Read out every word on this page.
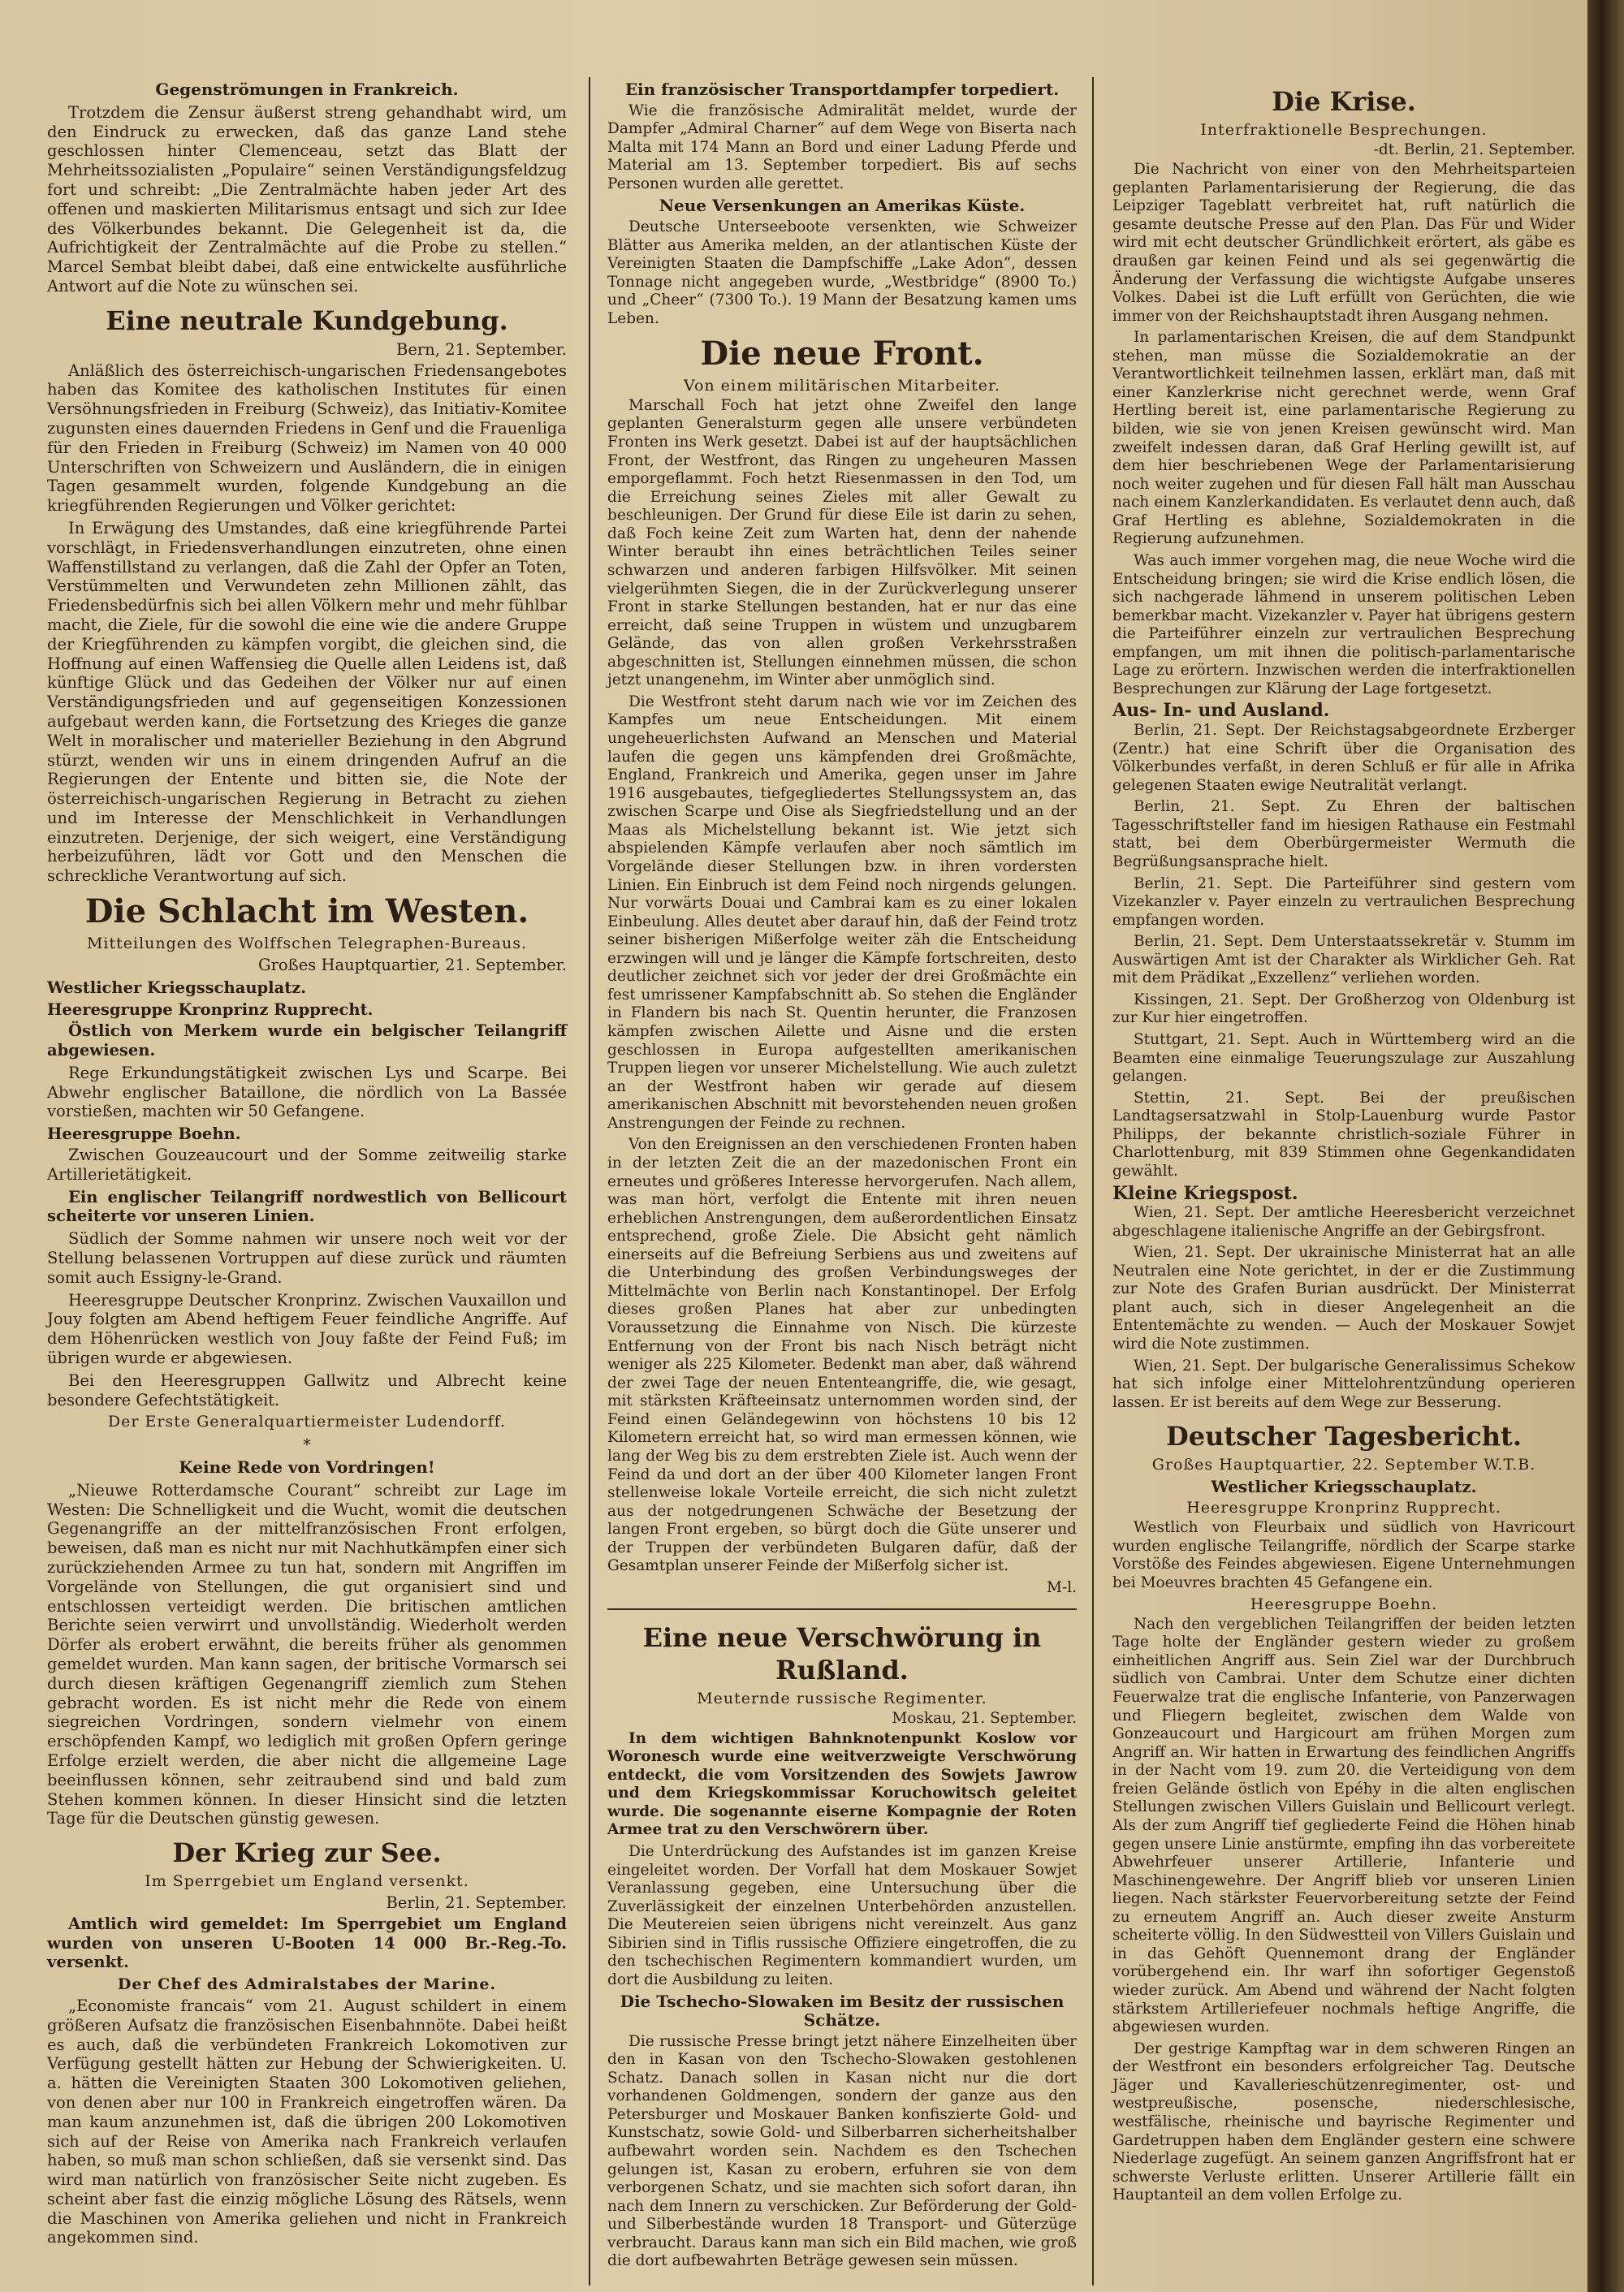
Gegenströmungen in Frankreich.

Trotzdem die Zensur äußerst streng gehandhabt wird, um den Eindruck zu erwecken, daß das ganze Land stehe geschlossen hinter Clemenceau, setzt das Blatt der Mehrheitssozialisten „Populaire“ seinen Verständigungsfeldzug fort und schreibt: „Die Zentralmächte haben jeder Art des offenen und maskierten Militarismus entsagt und sich zur Idee des Völkerbundes bekannt. Die Gelegenheit ist da, die Aufrichtigkeit der Zentralmächte auf die Probe zu stellen.“ Marcel Sembat bleibt dabei, daß eine entwickelte ausführliche Antwort auf die Note zu wünschen sei.

Eine neutrale Kundgebung.
Bern, 21. September.

Anläßlich des österreichisch-ungarischen Friedensangebotes haben das Komitee des katholischen Institutes für einen Versöhnungsfrieden in Freiburg (Schweiz), das Initiativ-Komitee zugunsten eines dauernden Friedens in Genf und die Frauenliga für den Frieden in Freiburg (Schweiz) im Namen von 40 000 Unterschriften von Schweizern und Ausländern, die in einigen Tagen gesammelt wurden, folgende Kundgebung an die kriegführenden Regierungen und Völker gerichtet:

In Erwägung des Umstandes, daß eine kriegführende Partei vorschlägt, in Friedensverhandlungen einzutreten, ohne einen Waffenstillstand zu verlangen, daß die Zahl der Opfer an Toten, Verstümmelten und Verwundeten zehn Millionen zählt, das Friedensbedürfnis sich bei allen Völkern mehr und mehr fühlbar macht, die Ziele, für die sowohl die eine wie die andere Gruppe der Kriegführenden zu kämpfen vorgibt, die gleichen sind, die Hoffnung auf einen Waffensieg die Quelle allen Leidens ist, daß künftige Glück und das Gedeihen der Völker nur auf einen Verständigungsfrieden und auf gegenseitigen Konzessionen aufgebaut werden kann, die Fortsetzung des Krieges die ganze Welt in moralischer und materieller Beziehung in den Abgrund stürzt, wenden wir uns in einem dringenden Aufruf an die Regierungen der Entente und bitten sie, die Note der österreichisch-ungarischen Regierung in Betracht zu ziehen und im Interesse der Menschlichkeit in Verhandlungen einzutreten. Derjenige, der sich weigert, eine Verständigung herbeizuführen, lädt vor Gott und den Menschen die schreckliche Verantwortung auf sich.

Die Schlacht im Westen.
Mitteilungen des Wolffschen Telegraphen-Bureaus.
Großes Hauptquartier, 21. September.
Westlicher Kriegsschauplatz.
Heeresgruppe Kronprinz Rupprecht.

Östlich von Merkem wurde ein belgischer Teilangriff abgewiesen.

Rege Erkundungstätigkeit zwischen Lys und Scarpe. Bei Abwehr englischer Bataillone, die nördlich von La Bassée vorstießen, machten wir 50 Gefangene.

Heeresgruppe Boehn.

Zwischen Gouzeaucourt und der Somme zeitweilig starke Artillerietätigkeit.

Ein englischer Teilangriff nordwestlich von Bellicourt scheiterte vor unseren Linien.

Südlich der Somme nahmen wir unsere noch weit vor der Stellung belassenen Vortruppen auf diese zurück und räumten somit auch Essigny-le-Grand.

Heeresgruppe Deutscher Kronprinz. Zwischen Vauxaillon und Jouy folgten am Abend heftigem Feuer feindliche Angriffe. Auf dem Höhenrücken westlich von Jouy faßte der Feind Fuß; im übrigen wurde er abgewiesen.

Bei den Heeresgruppen Gallwitz und Albrecht keine besondere Gefechtstätigkeit.

Der Erste Generalquartiermeister Ludendorff.
*
Keine Rede von Vordringen!

„Nieuwe Rotterdamsche Courant“ schreibt zur Lage im Westen: Die Schnelligkeit und die Wucht, womit die deutschen Gegenangriffe an der mittelfranzösischen Front erfolgen, beweisen, daß man es nicht nur mit Nachhutkämpfen einer sich zurückziehenden Armee zu tun hat, sondern mit Angriffen im Vorgelände von Stellungen, die gut organisiert sind und entschlossen verteidigt werden. Die britischen amtlichen Berichte seien verwirrt und unvollständig. Wiederholt werden Dörfer als erobert erwähnt, die bereits früher als genommen gemeldet wurden. Man kann sagen, der britische Vormarsch sei durch diesen kräftigen Gegenangriff ziemlich zum Stehen gebracht worden. Es ist nicht mehr die Rede von einem siegreichen Vordringen, sondern vielmehr von einem erschöpfenden Kampf, wo lediglich mit großen Opfern geringe Erfolge erzielt werden, die aber nicht die allgemeine Lage beeinflussen können, sehr zeitraubend sind und bald zum Stehen kommen können. In dieser Hinsicht sind die letzten Tage für die Deutschen günstig gewesen.

Der Krieg zur See.
Im Sperrgebiet um England versenkt.
Berlin, 21. September.

Amtlich wird gemeldet: Im Sperrgebiet um England wurden von unseren U-Booten 14 000 Br.-Reg.-To. versenkt.

Der Chef des Admiralstabes der Marine.

„Economiste francais“ vom 21. August schildert in einem größeren Aufsatz die französischen Eisenbahnnöte. Dabei heißt es auch, daß die verbündeten Frankreich Lokomotiven zur Verfügung gestellt hätten zur Hebung der Schwierigkeiten. U. a. hätten die Vereinigten Staaten 300 Lokomotiven geliehen, von denen aber nur 100 in Frankreich eingetroffen wären. Da man kaum anzunehmen ist, daß die übrigen 200 Lokomotiven sich auf der Reise von Amerika nach Frankreich verlaufen haben, so muß man schon schließen, daß sie versenkt sind. Das wird man natürlich von französischer Seite nicht zugeben. Es scheint aber fast die einzig mögliche Lösung des Rätsels, wenn die Maschinen von Amerika geliehen und nicht in Frankreich angekommen sind.

Ein französischer Transportdampfer torpediert.

Wie die französische Admiralität meldet, wurde der Dampfer „Admiral Charner“ auf dem Wege von Biserta nach Malta mit 174 Mann an Bord und einer Ladung Pferde und Material am 13. September torpediert. Bis auf sechs Personen wurden alle gerettet.

Neue Versenkungen an Amerikas Küste.

Deutsche Unterseeboote versenkten, wie Schweizer Blätter aus Amerika melden, an der atlantischen Küste der Vereinigten Staaten die Dampfschiffe „Lake Adon“, dessen Tonnage nicht angegeben wurde, „Westbridge“ (8900 To.) und „Cheer“ (7300 To.). 19 Mann der Besatzung kamen ums Leben.

Die neue Front.
Von einem militärischen Mitarbeiter.

Marschall Foch hat jetzt ohne Zweifel den lange geplanten Generalsturm gegen alle unsere verbündeten Fronten ins Werk gesetzt. Dabei ist auf der hauptsächlichen Front, der Westfront, das Ringen zu ungeheuren Massen emporgeflammt. Foch hetzt Riesenmassen in den Tod, um die Erreichung seines Zieles mit aller Gewalt zu beschleunigen. Der Grund für diese Eile ist darin zu sehen, daß Foch keine Zeit zum Warten hat, denn der nahende Winter beraubt ihn eines beträchtlichen Teiles seiner schwarzen und anderen farbigen Hilfsvölker. Mit seinen vielgerühmten Siegen, die in der Zurückverlegung unserer Front in starke Stellungen bestanden, hat er nur das eine erreicht, daß seine Truppen in wüstem und unzugbarem Gelände, das von allen großen Verkehrsstraßen abgeschnitten ist, Stellungen einnehmen müssen, die schon jetzt unangenehm, im Winter aber unmöglich sind.

Die Westfront steht darum nach wie vor im Zeichen des Kampfes um neue Entscheidungen. Mit einem ungeheuerlichsten Aufwand an Menschen und Material laufen die gegen uns kämpfenden drei Großmächte, England, Frankreich und Amerika, gegen unser im Jahre 1916 ausgebautes, tiefgegliedertes Stellungssystem an, das zwischen Scarpe und Oise als Siegfriedstellung und an der Maas als Michelstellung bekannt ist. Wie jetzt sich abspielenden Kämpfe verlaufen aber noch sämtlich im Vorgelände dieser Stellungen bzw. in ihren vordersten Linien. Ein Einbruch ist dem Feind noch nirgends gelungen. Nur vorwärts Douai und Cambrai kam es zu einer lokalen Einbeulung. Alles deutet aber darauf hin, daß der Feind trotz seiner bisherigen Mißerfolge weiter zäh die Entscheidung erzwingen will und je länger die Kämpfe fortschreiten, desto deutlicher zeichnet sich vor jeder der drei Großmächte ein fest umrissener Kampfabschnitt ab. So stehen die Engländer in Flandern bis nach St. Quentin herunter, die Franzosen kämpfen zwischen Ailette und Aisne und die ersten geschlossen in Europa aufgestellten amerikanischen Truppen liegen vor unserer Michelstellung. Wie auch zuletzt an der Westfront haben wir gerade auf diesem amerikanischen Abschnitt mit bevorstehenden neuen großen Anstrengungen der Feinde zu rechnen.

Von den Ereignissen an den verschiedenen Fronten haben in der letzten Zeit die an der mazedonischen Front ein erneutes und größeres Interesse hervorgerufen. Nach allem, was man hört, verfolgt die Entente mit ihren neuen erheblichen Anstrengungen, dem außerordentlichen Einsatz entsprechend, große Ziele. Die Absicht geht nämlich einerseits auf die Befreiung Serbiens aus und zweitens auf die Unterbindung des großen Verbindungsweges der Mittelmächte von Berlin nach Konstantinopel. Der Erfolg dieses großen Planes hat aber zur unbedingten Voraussetzung die Einnahme von Nisch. Die kürzeste Entfernung von der Front bis nach Nisch beträgt nicht weniger als 225 Kilometer. Bedenkt man aber, daß während der zwei Tage der neuen Ententeangriffe, die, wie gesagt, mit stärksten Kräfteeinsatz unternommen worden sind, der Feind einen Geländegewinn von höchstens 10 bis 12 Kilometern erreicht hat, so wird man ermessen können, wie lang der Weg bis zu dem erstrebten Ziele ist. Auch wenn der Feind da und dort an der über 400 Kilometer langen Front stellenweise lokale Vorteile erreicht, die sich nicht zuletzt aus der notgedrungenen Schwäche der Besetzung der langen Front ergeben, so bürgt doch die Güte unserer und der Truppen der verbündeten Bulgaren dafür, daß der Gesamtplan unserer Feinde der Mißerfolg sicher ist.

M-l.
Eine neue Verschwörung in Rußland.
Meuternde russische Regimenter.
Moskau, 21. September.

In dem wichtigen Bahnknotenpunkt Koslow vor Woronesch wurde eine weitverzweigte Verschwörung entdeckt, die vom Vorsitzenden des Sowjets Jawrow und dem Kriegskommissar Koruchowitsch geleitet wurde. Die sogenannte eiserne Kompagnie der Roten Armee trat zu den Verschwörern über.

Die Unterdrückung des Aufstandes ist im ganzen Kreise eingeleitet worden. Der Vorfall hat dem Moskauer Sowjet Veranlassung gegeben, eine Untersuchung über die Zuverlässigkeit der einzelnen Unterbehörden anzustellen. Die Meutereien seien übrigens nicht vereinzelt. Aus ganz Sibirien sind in Tiflis russische Offiziere eingetroffen, die zu den tschechischen Regimentern kommandiert wurden, um dort die Ausbildung zu leiten.

Die Tschecho-Slowaken im Besitz der russischen Schätze.

Die russische Presse bringt jetzt nähere Einzelheiten über den in Kasan von den Tschecho-Slowaken gestohlenen Schatz. Danach sollen in Kasan nicht nur die dort vorhandenen Goldmengen, sondern der ganze aus den Petersburger und Moskauer Banken konfiszierte Gold- und Kunstschatz, sowie Gold- und Silberbarren sicherheitshalber aufbewahrt worden sein. Nachdem es den Tschechen gelungen ist, Kasan zu erobern, erfuhren sie von dem verborgenen Schatz, und sie machten sich sofort daran, ihn nach dem Innern zu verschicken. Zur Beförderung der Gold- und Silberbestände wurden 18 Transport- und Güterzüge verbraucht. Daraus kann man sich ein Bild machen, wie groß die dort aufbewahrten Beträge gewesen sein müssen.

Die Krise.
Interfraktionelle Besprechungen.
-dt. Berlin, 21. September.

Die Nachricht von einer von den Mehrheitsparteien geplanten Parlamentarisierung der Regierung, die das Leipziger Tageblatt verbreitet hat, ruft natürlich die gesamte deutsche Presse auf den Plan. Das Für und Wider wird mit echt deutscher Gründlichkeit erörtert, als gäbe es draußen gar keinen Feind und als sei gegenwärtig die Änderung der Verfassung die wichtigste Aufgabe unseres Volkes. Dabei ist die Luft erfüllt von Gerüchten, die wie immer von der Reichshauptstadt ihren Ausgang nehmen.

In parlamentarischen Kreisen, die auf dem Standpunkt stehen, man müsse die Sozialdemokratie an der Verantwortlichkeit teilnehmen lassen, erklärt man, daß mit einer Kanzlerkrise nicht gerechnet werde, wenn Graf Hertling bereit ist, eine parlamentarische Regierung zu bilden, wie sie von jenen Kreisen gewünscht wird. Man zweifelt indessen daran, daß Graf Herling gewillt ist, auf dem hier beschriebenen Wege der Parlamentarisierung noch weiter zugehen und für diesen Fall hält man Ausschau nach einem Kanzlerkandidaten. Es verlautet denn auch, daß Graf Hertling es ablehne, Sozialdemokraten in die Regierung aufzunehmen.

Was auch immer vorgehen mag, die neue Woche wird die Entscheidung bringen; sie wird die Krise endlich lösen, die sich nachgerade lähmend in unserem politischen Leben bemerkbar macht. Vizekanzler v. Payer hat übrigens gestern die Parteiführer einzeln zur vertraulichen Besprechung empfangen, um mit ihnen die politisch-parlamentarische Lage zu erörtern. Inzwischen werden die interfraktionellen Besprechungen zur Klärung der Lage fortgesetzt.

Aus- In- und Ausland.

Berlin, 21. Sept. Der Reichstagsabgeordnete Erzberger (Zentr.) hat eine Schrift über die Organisation des Völkerbundes verfaßt, in deren Schluß er für alle in Afrika gelegenen Staaten ewige Neutralität verlangt.

Berlin, 21. Sept. Zu Ehren der baltischen Tagesschriftsteller fand im hiesigen Rathause ein Festmahl statt, bei dem Oberbürgermeister Wermuth die Begrüßungsansprache hielt.

Berlin, 21. Sept. Die Parteiführer sind gestern vom Vizekanzler v. Payer einzeln zu vertraulichen Besprechung empfangen worden.

Berlin, 21. Sept. Dem Unterstaatssekretär v. Stumm im Auswärtigen Amt ist der Charakter als Wirklicher Geh. Rat mit dem Prädikat „Exzellenz“ verliehen worden.

Kissingen, 21. Sept. Der Großherzog von Oldenburg ist zur Kur hier eingetroffen.

Stuttgart, 21. Sept. Auch in Württemberg wird an die Beamten eine einmalige Teuerungszulage zur Auszahlung gelangen.

Stettin, 21. Sept. Bei der preußischen Landtagsersatzwahl in Stolp-Lauenburg wurde Pastor Philipps, der bekannte christlich-soziale Führer in Charlottenburg, mit 839 Stimmen ohne Gegenkandidaten gewählt.

Kleine Kriegspost.

Wien, 21. Sept. Der amtliche Heeresbericht verzeichnet abgeschlagene italienische Angriffe an der Gebirgsfront.

Wien, 21. Sept. Der ukrainische Ministerrat hat an alle Neutralen eine Note gerichtet, in der er die Zustimmung zur Note des Grafen Burian ausdrückt. Der Ministerrat plant auch, sich in dieser Angelegenheit an die Ententemächte zu wenden. — Auch der Moskauer Sowjet wird die Note zustimmen.

Wien, 21. Sept. Der bulgarische Generalissimus Schekow hat sich infolge einer Mittelohrentzündung operieren lassen. Er ist bereits auf dem Wege zur Besserung.

Deutscher Tagesbericht.
Großes Hauptquartier, 22. September W.T.B.
Westlicher Kriegsschauplatz.
Heeresgruppe Kronprinz Rupprecht.

Westlich von Fleurbaix und südlich von Havricourt wurden englische Teilangriffe, nördlich der Scarpe starke Vorstöße des Feindes abgewiesen. Eigene Unternehmungen bei Moeuvres brachten 45 Gefangene ein.

Heeresgruppe Boehn.

Nach den vergeblichen Teilangriffen der beiden letzten Tage holte der Engländer gestern wieder zu großem einheitlichen Angriff aus. Sein Ziel war der Durchbruch südlich von Cambrai. Unter dem Schutze einer dichten Feuerwalze trat die englische Infanterie, von Panzerwagen und Fliegern begleitet, zwischen dem Walde von Gonzeaucourt und Hargicourt am frühen Morgen zum Angriff an. Wir hatten in Erwartung des feindlichen Angriffs in der Nacht vom 19. zum 20. die Verteidigung von dem freien Gelände östlich von Epéhy in die alten englischen Stellungen zwischen Villers Guislain und Bellicourt verlegt. Als der zum Angriff tief gegliederte Feind die Höhen hinab gegen unsere Linie anstürmte, empfing ihn das vorbereitete Abwehrfeuer unserer Artillerie, Infanterie und Maschinengewehre. Der Angriff blieb vor unseren Linien liegen. Nach stärkster Feuervorbereitung setzte der Feind zu erneutem Angriff an. Auch dieser zweite Ansturm scheiterte völlig. In den Südwestteil von Villers Guislain und in das Gehöft Quennemont drang der Engländer vorübergehend ein. Ihr warf ihn sofortiger Gegenstoß wieder zurück. Am Abend und während der Nacht folgten stärkstem Artilleriefeuer nochmals heftige Angriffe, die abgewiesen wurden.

Der gestrige Kampftag war in dem schweren Ringen an der Westfront ein besonders erfolgreicher Tag. Deutsche Jäger und Kavallerieschützenregimenter, ost- und westpreußische, posensche, niederschlesische, westfälische, rheinische und bayrische Regimenter und Gardetruppen haben dem Engländer gestern eine schwere Niederlage zugefügt. An seinem ganzen Angriffsfront hat er schwerste Verluste erlitten. Unserer Artillerie fällt ein Hauptanteil an dem vollen Erfolge zu.
